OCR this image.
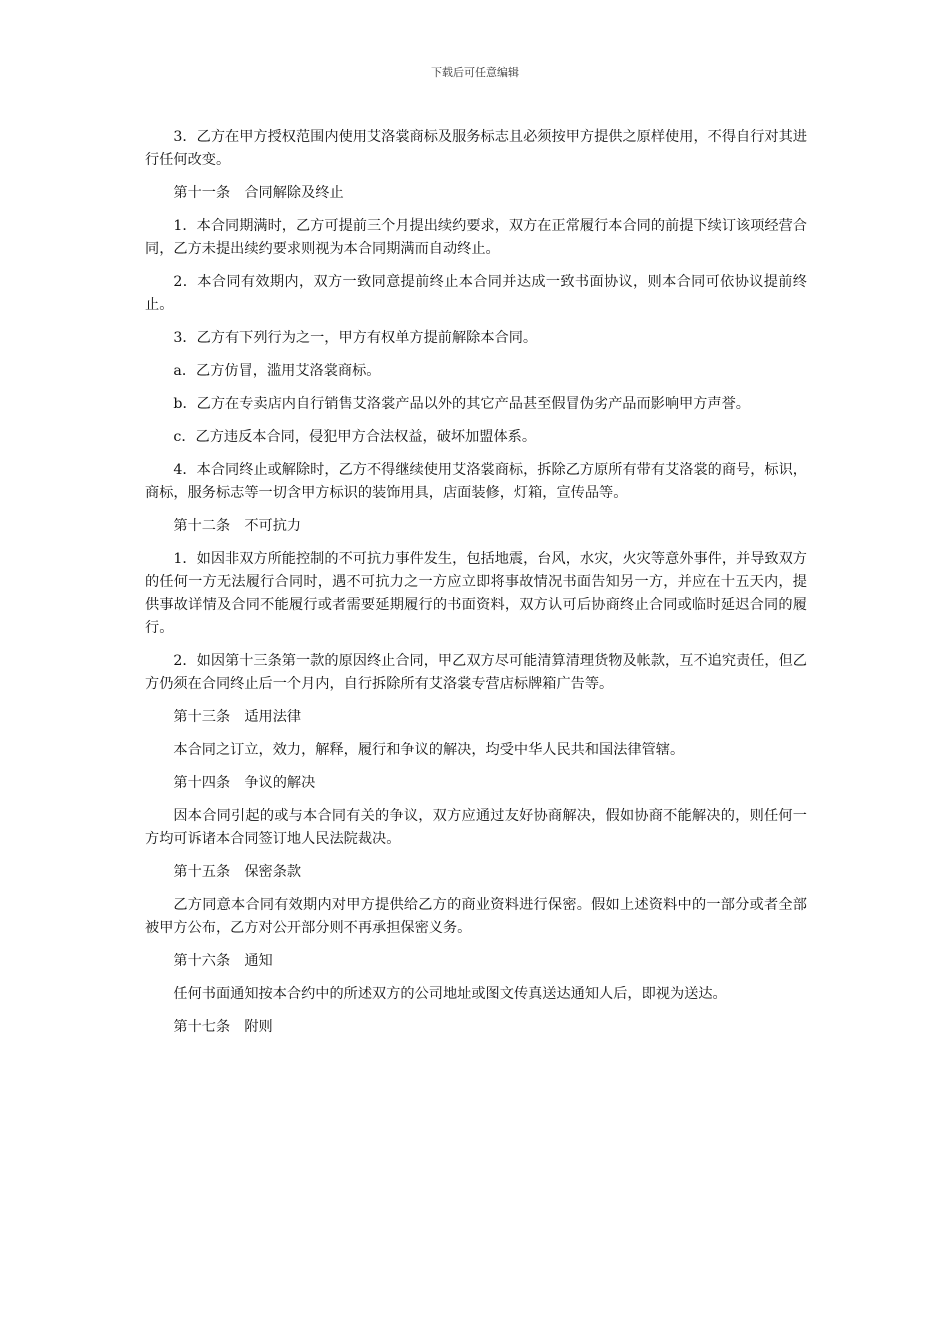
下载后可任意编辑

3．乙方在甲方授权范围内使用艾洛裳商标及服务标志且必须按甲方提供之原样使用，不得自行对其进行任何改变。

第十一条　合同解除及终止

1．本合同期满时，乙方可提前三个月提出续约要求，双方在正常履行本合同的前提下续订该项经营合同，乙方未提出续约要求则视为本合同期满而自动终止。

2．本合同有效期内，双方一致同意提前终止本合同并达成一致书面协议，则本合同可依协议提前终止。

3．乙方有下列行为之一，甲方有权单方提前解除本合同。

a．乙方仿冒，滥用艾洛裳商标。

b．乙方在专卖店内自行销售艾洛裳产品以外的其它产品甚至假冒伪劣产品而影响甲方声誉。

c．乙方违反本合同，侵犯甲方合法权益，破坏加盟体系。

4．本合同终止或解除时，乙方不得继续使用艾洛裳商标，拆除乙方原所有带有艾洛裳的商号，标识，商标，服务标志等一切含甲方标识的装饰用具，店面装修，灯箱，宣传品等。

第十二条　不可抗力

1．如因非双方所能控制的不可抗力事件发生，包括地震，台风，水灾，火灾等意外事件，并导致双方的任何一方无法履行合同时，遇不可抗力之一方应立即将事故情况书面告知另一方，并应在十五天内，提供事故详情及合同不能履行或者需要延期履行的书面资料，双方认可后协商终止合同或临时延迟合同的履行。

2．如因第十三条第一款的原因终止合同，甲乙双方尽可能清算清理货物及帐款，互不追究责任，但乙方仍须在合同终止后一个月内，自行拆除所有艾洛裳专营店标牌箱广告等。

第十三条　适用法律

本合同之订立，效力，解释，履行和争议的解决，均受中华人民共和国法律管辖。

第十四条　争议的解决

因本合同引起的或与本合同有关的争议，双方应通过友好协商解决，假如协商不能解决的，则任何一方均可诉诸本合同签订地人民法院裁决。

第十五条　保密条款

乙方同意本合同有效期内对甲方提供给乙方的商业资料进行保密。假如上述资料中的一部分或者全部被甲方公布，乙方对公开部分则不再承担保密义务。

第十六条　通知

任何书面通知按本合约中的所述双方的公司地址或图文传真送达通知人后，即视为送达。

第十七条　附则
